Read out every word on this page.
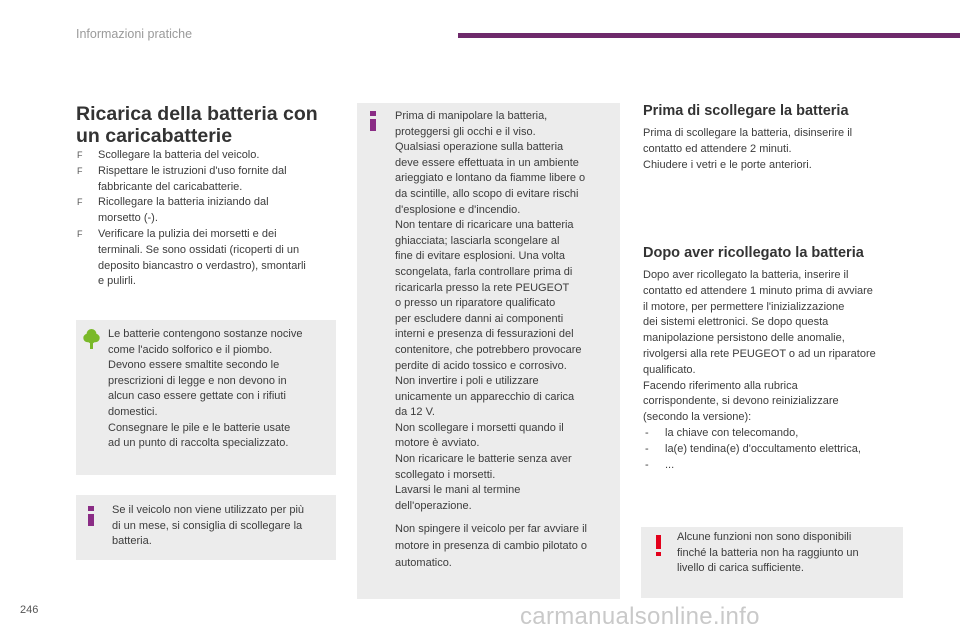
Informazioni pratiche
Ricarica della batteria con
un caricabatterie
F Scollegare la batteria del veicolo.
F Rispettare le istruzioni d'uso fornite dal
fabbricante del caricabatterie.
F Ricollegare la batteria iniziando dal
morsetto (-).
F Verificare la pulizia dei morsetti e dei
terminali. Se sono ossidati (ricoperti di un
deposito biancastro o verdastro), smontarli
e pulirli.
Le batterie contengono sostanze nocive
come l'acido solforico e il piombo.
Devono essere smaltite secondo le
prescrizioni di legge e non devono in
alcun caso essere gettate con i rifiuti
domestici.
Consegnare le pile e le batterie usate
ad un punto di raccolta specializzato.
Se il veicolo non viene utilizzato per più
di un mese, si consiglia di scollegare la
batteria.
Prima di manipolare la batteria,
proteggersi gli occhi e il viso.
Qualsiasi operazione sulla batteria
deve essere effettuata in un ambiente
arieggiato e lontano da fiamme libere o
da scintille, allo scopo di evitare rischi
d'esplosione e d'incendio.
Non tentare di ricaricare una batteria
ghiacciata; lasciarla scongelare al
fine di evitare esplosioni. Una volta
scongelata, farla controllare prima di
ricaricarla presso la rete PEUGEOT
o presso un riparatore qualificato
per escludere danni ai componenti
interni e presenza di fessurazioni del
contenitore, che potrebbero provocare
perdite di acido tossico e corrosivo.
Non invertire i poli e utilizzare
unicamente un apparecchio di carica
da 12 V.
Non scollegare i morsetti quando il
motore è avviato.
Non ricaricare le batterie senza aver
scollegato i morsetti.
Lavarsi le mani al termine
dell'operazione.
Non spingere il veicolo per far avviare il
motore in presenza di cambio pilotato o
automatico.
Prima di scollegare la batteria
Prima di scollegare la batteria, disinserire il
contatto ed attendere 2 minuti.
Chiudere i vetri e le porte anteriori.
Dopo aver ricollegato la batteria
Dopo aver ricollegato la batteria, inserire il
contatto ed attendere 1 minuto prima di avviare
il motore, per permettere l'inizializzazione
dei sistemi elettronici. Se dopo questa
manipolazione persistono delle anomalie,
rivolgersi alla rete PEUGEOT o ad un riparatore
qualificato.
Facendo riferimento alla rubrica
corrispondente, si devono reinizializzare
(secondo la versione):
- la chiave con telecomando,
- la(e) tendina(e) d'occultamento elettrica,
- ...
Alcune funzioni non sono disponibili
finché la batteria non ha raggiunto un
livello di carica sufficiente.
246	carmanualsonline.info
